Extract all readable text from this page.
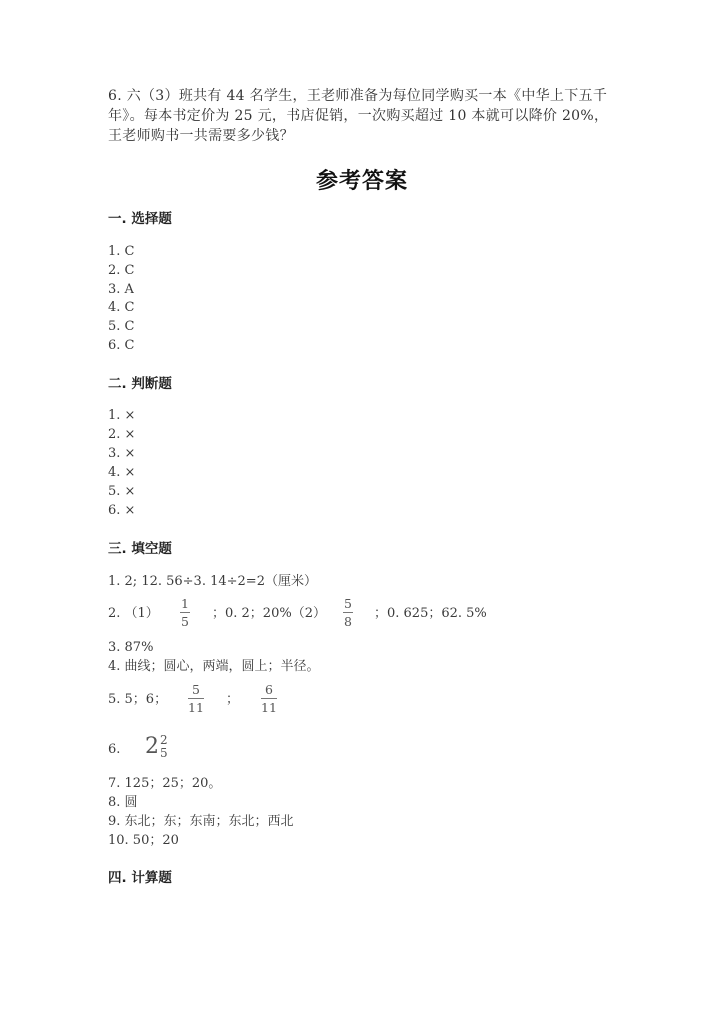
6. 六（3）班共有 44 名学生，王老师准备为每位同学购买一本《中华上下五千
年》。每本书定价为 25 元，书店促销，一次购买超过 10 本就可以降价 20%，
王老师购书一共需要多少钱？
参考答案
一. 选择题
1. C
2. C
3. A
4. C
5. C
6. C
二. 判断题
1. ×
2. ×
3. ×
4. ×
5. ×
6. ×
三. 填空题
1. 2; 12. 56÷3. 14÷2=2（厘米）
2. （1）
1
5
；0. 2；20%（2）
5
8
；0. 625；62. 5%
3. 87%
4. 曲线；圆心，两端，圆上；半径。
5. 5；6；
5
11
；
6
11
6. 2 2
5
7. 125；25；20。
8. 圆
9. 东北；东；东南；东北；西北
10. 50；20
四. 计算题
